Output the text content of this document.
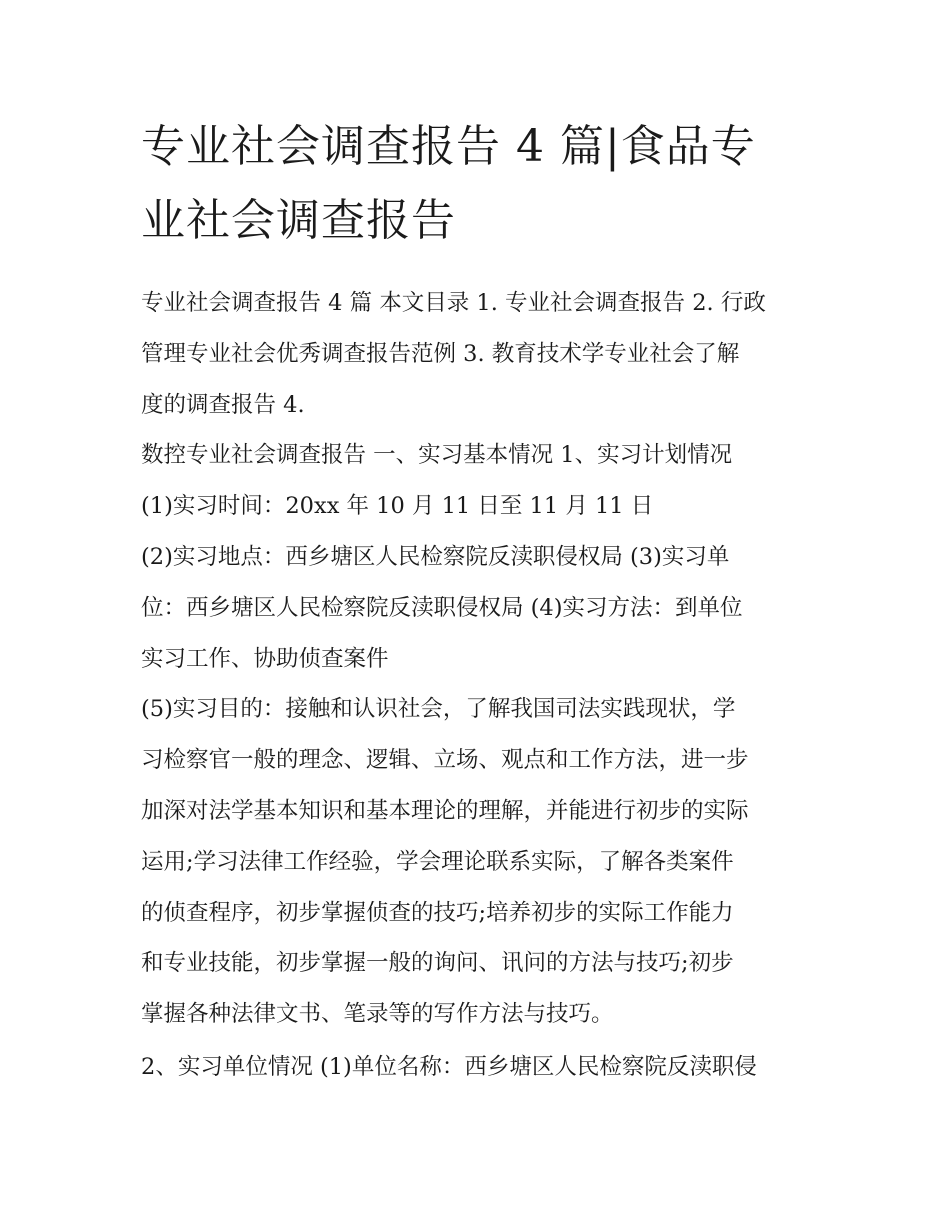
专业社会调查报告 4 篇|食品专
业社会调查报告
专业社会调查报告 4 篇 本文目录 1. 专业社会调查报告 2. 行政
管理专业社会优秀调查报告范例 3. 教育技术学专业社会了解
度的调查报告 4.
数控专业社会调查报告 一、实习基本情况 1、实习计划情况
(1)实习时间：20xx 年 10 月 11 日至 11 月 11 日
(2)实习地点：西乡塘区人民检察院反渎职侵权局 (3)实习单
位：西乡塘区人民检察院反渎职侵权局 (4)实习方法：到单位
实习工作、协助侦查案件
(5)实习目的：接触和认识社会，了解我国司法实践现状，学
习检察官一般的理念、逻辑、立场、观点和工作方法，进一步
加深对法学基本知识和基本理论的理解，并能进行初步的实际
运用;学习法律工作经验，学会理论联系实际，了解各类案件
的侦查程序，初步掌握侦查的技巧;培养初步的实际工作能力
和专业技能，初步掌握一般的询问、讯问的方法与技巧;初步
掌握各种法律文书、笔录等的写作方法与技巧。
2、实习单位情况 (1)单位名称：西乡塘区人民检察院反渎职侵
